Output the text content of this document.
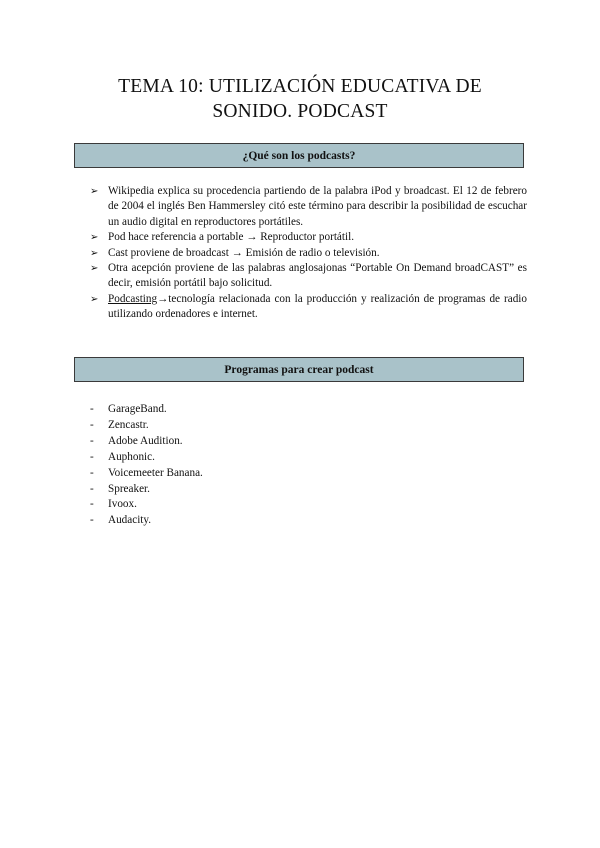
TEMA 10: UTILIZACIÓN EDUCATIVA DE
SONIDO. PODCAST
¿Qué son los podcasts?
➢ Wikipedia explica su procedencia partiendo de la palabra iPod y broadcast. El 12 de febrero de 2004 el inglés Ben Hammersley citó este término para describir la posibilidad de escuchar un audio digital en reproductores portátiles.
➢ Pod hace referencia a portable → Reproductor portátil.
➢ Cast proviene de broadcast → Emisión de radio o televisión.
➢ Otra acepción proviene de las palabras anglosajonas “Portable On Demand broadCAST” es decir, emisión portátil bajo solicitud.
➢ Podcasting→tecnología relacionada con la producción y realización de programas de radio utilizando ordenadores e internet.
Programas para crear podcast
- GarageBand.
- Zencastr.
- Adobe Audition.
- Auphonic.
- Voicemeeter Banana.
- Spreaker.
- Ivoox.
- Audacity.
